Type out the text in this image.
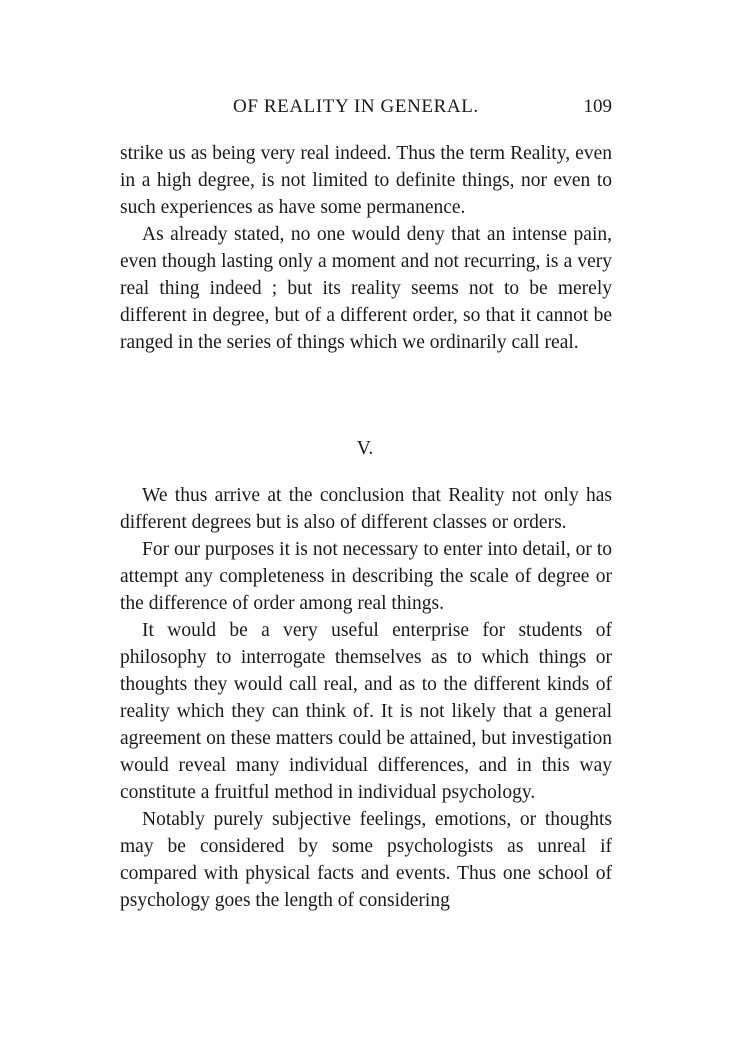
OF REALITY IN GENERAL.	109

strike us as being very real indeed. Thus the term Reality, even in a high degree, is not limited to definite things, nor even to such experiences as have some permanence.

As already stated, no one would deny that an intense pain, even though lasting only a moment and not recurring, is a very real thing indeed ; but its reality seems not to be merely different in degree, but of a different order, so that it cannot be ranged in the series of things which we ordinarily call real.

V.

We thus arrive at the conclusion that Reality not only has different degrees but is also of different classes or orders.

For our purposes it is not necessary to enter into detail, or to attempt any completeness in describing the scale of degree or the difference of order among real things.

It would be a very useful enterprise for students of philosophy to interrogate themselves as to which things or thoughts they would call real, and as to the different kinds of reality which they can think of. It is not likely that a general agreement on these matters could be attained, but investigation would reveal many individual differences, and in this way constitute a fruitful method in individual psychology.

Notably purely subjective feelings, emotions, or thoughts may be considered by some psychologists as unreal if compared with physical facts and events. Thus one school of psychology goes the length of considering
